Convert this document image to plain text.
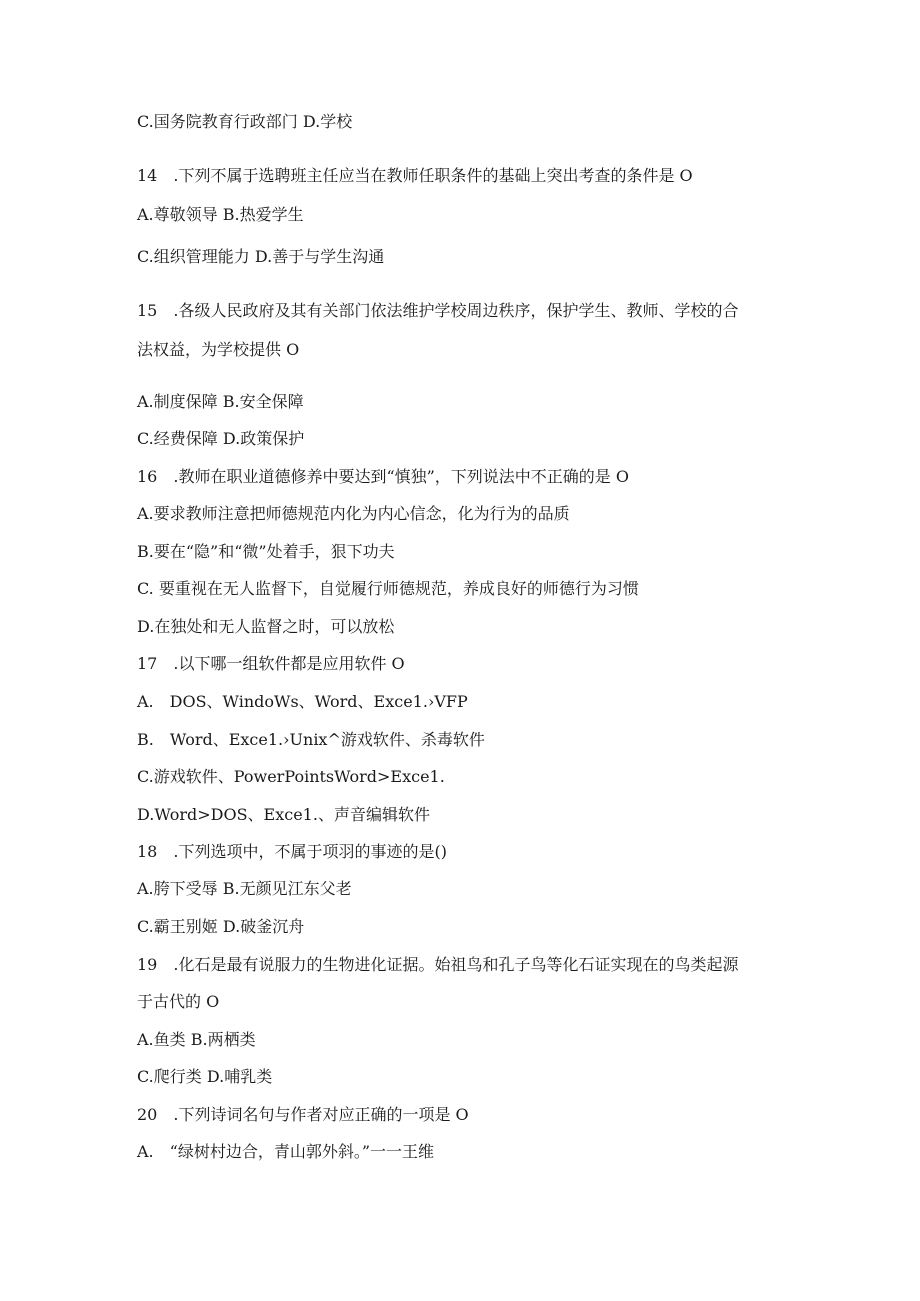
C.国务院教育行政部门 D.学校
14　.下列不属于选聘班主任应当在教师任职条件的基础上突出考查的条件是 O
A.尊敬领导 B.热爱学生
C.组织管理能力 D.善于与学生沟通
15　.各级人民政府及其有关部门依法维护学校周边秩序，保护学生、教师、学校的合
法权益，为学校提供 O
A.制度保障 B.安全保障
C.经费保障 D.政策保护
16　.教师在职业道德修养中要达到“慎独”，下列说法中不正确的是 O
A.要求教师注意把师德规范内化为内心信念，化为行为的品质
B.要在“隐”和“微”处着手，狠下功夫
C. 要重视在无人监督下，自觉履行师德规范，养成良好的师德行为习惯
D.在独处和无人监督之时，可以放松
17　.以下哪一组软件都是应用软件 O
A.　DOS、WindoWs、Word、Exce1.›VFP
B.　Word、Exce1.›Unix^游戏软件、杀毒软件
C.游戏软件、PowerPointsWord>Exce1.
D.Word>DOS、Exce1.、声音编辑软件
18　.下列选项中，不属于项羽的事迹的是()
A.胯下受辱 B.无颜见江东父老
C.霸王别姬 D.破釜沉舟
19　.化石是最有说服力的生物进化证据。始祖鸟和孔子鸟等化石证实现在的鸟类起源
于古代的 O
A.鱼类 B.两栖类
C.爬行类 D.哺乳类
20　.下列诗词名句与作者对应正确的一项是 O
A.　“绿树村边合，青山郭外斜。”一一王维
